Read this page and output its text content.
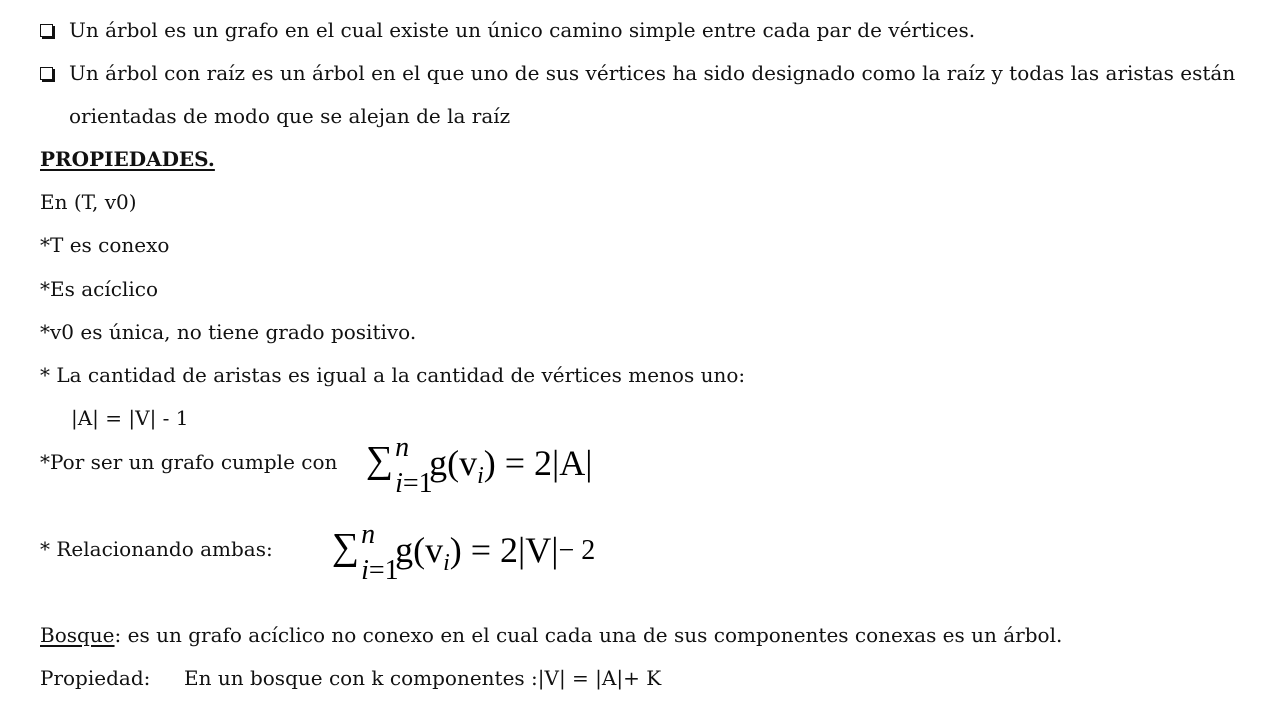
Un árbol es un grafo en el cual existe un único camino simple entre cada par de vértices.
Un árbol con raíz es un árbol en el que uno de sus vértices ha sido designado como la raíz y todas las aristas están
orientadas de modo que se alejan de la raíz
PROPIEDADES.
En (T, v0)
*T es conexo
*Es acíclico
*v0 es única, no tiene grado positivo.
* La cantidad de aristas es igual a la cantidad de vértices menos uno:
|A| = |V| - 1
*Por ser un grafo cumple con ∑ n
i=1
$g(v_i) = 2|A|$
* Relacionando ambas: ∑ n
i=1
$g(v_i) = 2|V|- 2$
Bosque: es un grafo acíclico no conexo en el cual cada una de sus componentes conexas es un árbol.
Propiedad: En un bosque con k componentes :|V| = |A|+ K
